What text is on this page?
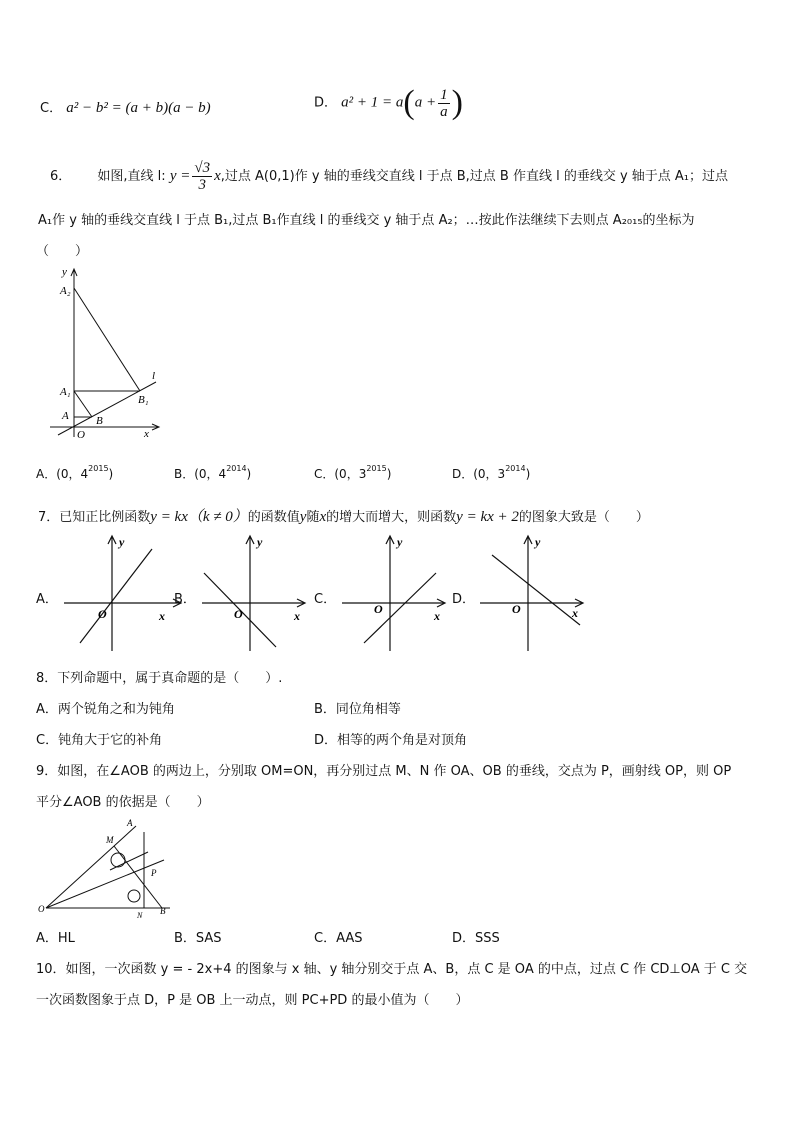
C． a² − b² = (a + b)(a − b)	D． $a^2 + 1 = a(a + \frac{1}{a}$ )
6． 如图,直线 l: $y = \frac{√3}{3} x$,过点 A(0,1)作 y 轴的垂线交直线 l 于点 B,过点 B 作直线 l 的垂线交 y 轴于点 A₁；过点
A₁作 y 轴的垂线交直线 l 于点 B₁,过点 B₁作直线 l 的垂线交 y 轴于点 A₂；…按此作法继续下去则点 A₂₀₁₅的坐标为
（　　）
y
A₂
A₁
A B
B₁
l
O	x
A．(0，$4^{2015}$)	B．(0，$4^{2014}$)	C．(0，$3^{2015}$)	D．(0，$3^{2014}$)
7．已知正比例函数y = kx（k ≠ 0）的函数值y随x的增大而增大，则函数y = kx + 2的图象大致是（　　）
A．
y
O	x
B．
y
O	x
C．
y
O	x
D．
y
O	x
8．下列命题中，属于真命题的是（　　）.
A．两个锐角之和为钝角	B．同位角相等
C．钝角大于它的补角	D．相等的两个角是对顶角
9．如图，在∠AOB 的两边上，分别取 OM=ON，再分别过点 M、N 作 OA、OB 的垂线，交点为 P，画射线 OP，则 OP
平分∠AOB 的依据是（　　）
A
M
P
O
N B
A．HL	B．SAS	C．AAS	D．SSS
10．如图，一次函数 y = - 2x+4 的图象与 x 轴、y 轴分别交于点 A、B，点 C 是 OA 的中点，过点 C 作 CD⊥OA 于 C 交
一次函数图象于点 D，P 是 OB 上一动点，则 PC+PD 的最小值为（　　）
